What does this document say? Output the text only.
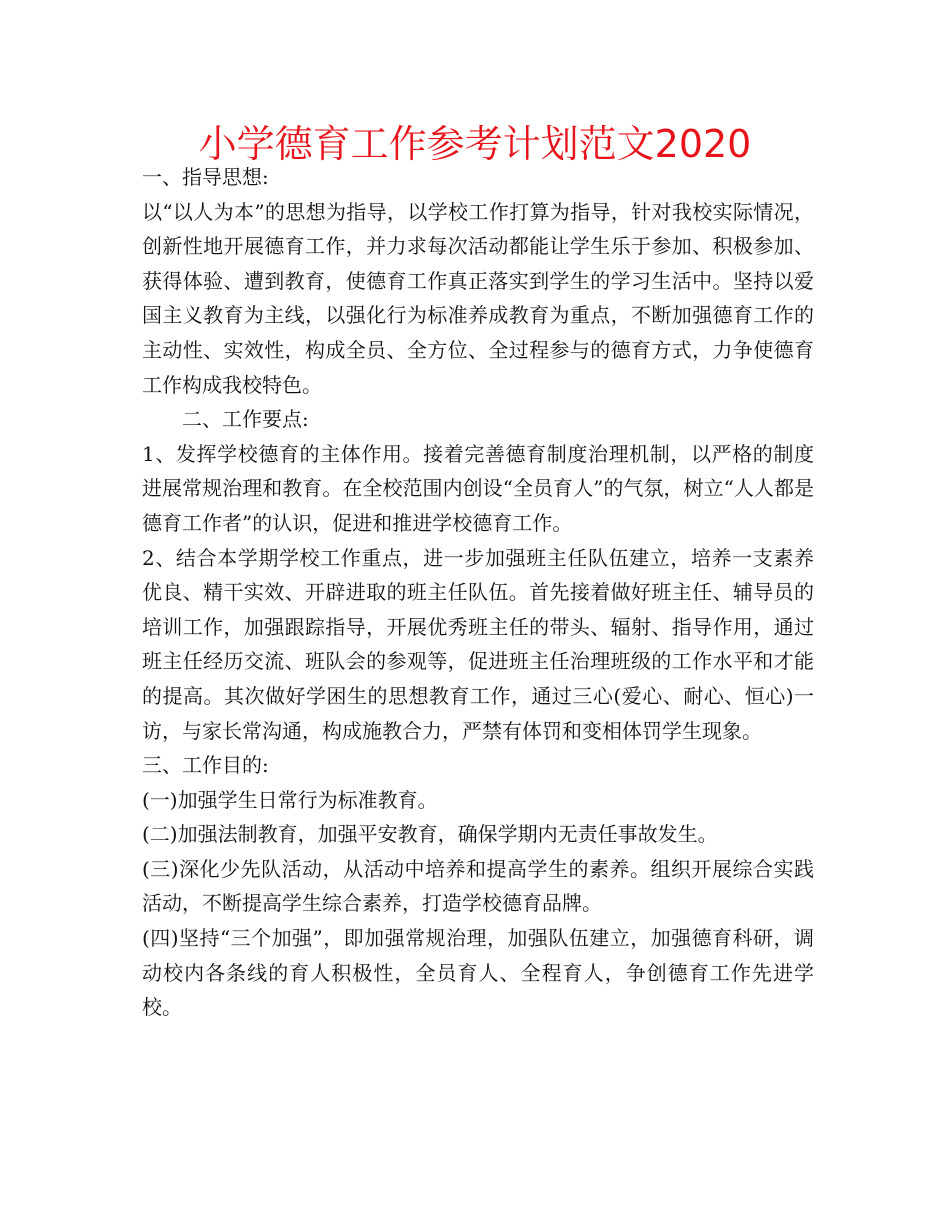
小学德育工作参考计划范文2020

一、指导思想:

以“以人为本”的思想为指导，以学校工作打算为指导，针对我校实际情况，创新性地开展德育工作，并力求每次活动都能让学生乐于参加、积极参加、获得体验、遭到教育，使德育工作真正落实到学生的学习生活中。坚持以爱国主义教育为主线，以强化行为标准养成教育为重点，不断加强德育工作的主动性、实效性，构成全员、全方位、全过程参与的德育方式，力争使德育工作构成我校特色。

二、工作要点:

1、发挥学校德育的主体作用。接着完善德育制度治理机制，以严格的制度进展常规治理和教育。在全校范围内创设“全员育人”的气氛，树立“人人都是德育工作者”的认识，促进和推进学校德育工作。

2、结合本学期学校工作重点，进一步加强班主任队伍建立，培养一支素养优良、精干实效、开辟进取的班主任队伍。首先接着做好班主任、辅导员的培训工作，加强跟踪指导，开展优秀班主任的带头、辐射、指导作用，通过班主任经历交流、班队会的参观等，促进班主任治理班级的工作水平和才能的提高。其次做好学困生的思想教育工作，通过三心(爱心、耐心、恒心)一访，与家长常沟通，构成施教合力，严禁有体罚和变相体罚学生现象。

三、工作目的:

(一)加强学生日常行为标准教育。

(二)加强法制教育，加强平安教育，确保学期内无责任事故发生。

(三)深化少先队活动，从活动中培养和提高学生的素养。组织开展综合实践活动，不断提高学生综合素养，打造学校德育品牌。

(四)坚持“三个加强”，即加强常规治理，加强队伍建立，加强德育科研，调动校内各条线的育人积极性，全员育人、全程育人，争创德育工作先进学校。
